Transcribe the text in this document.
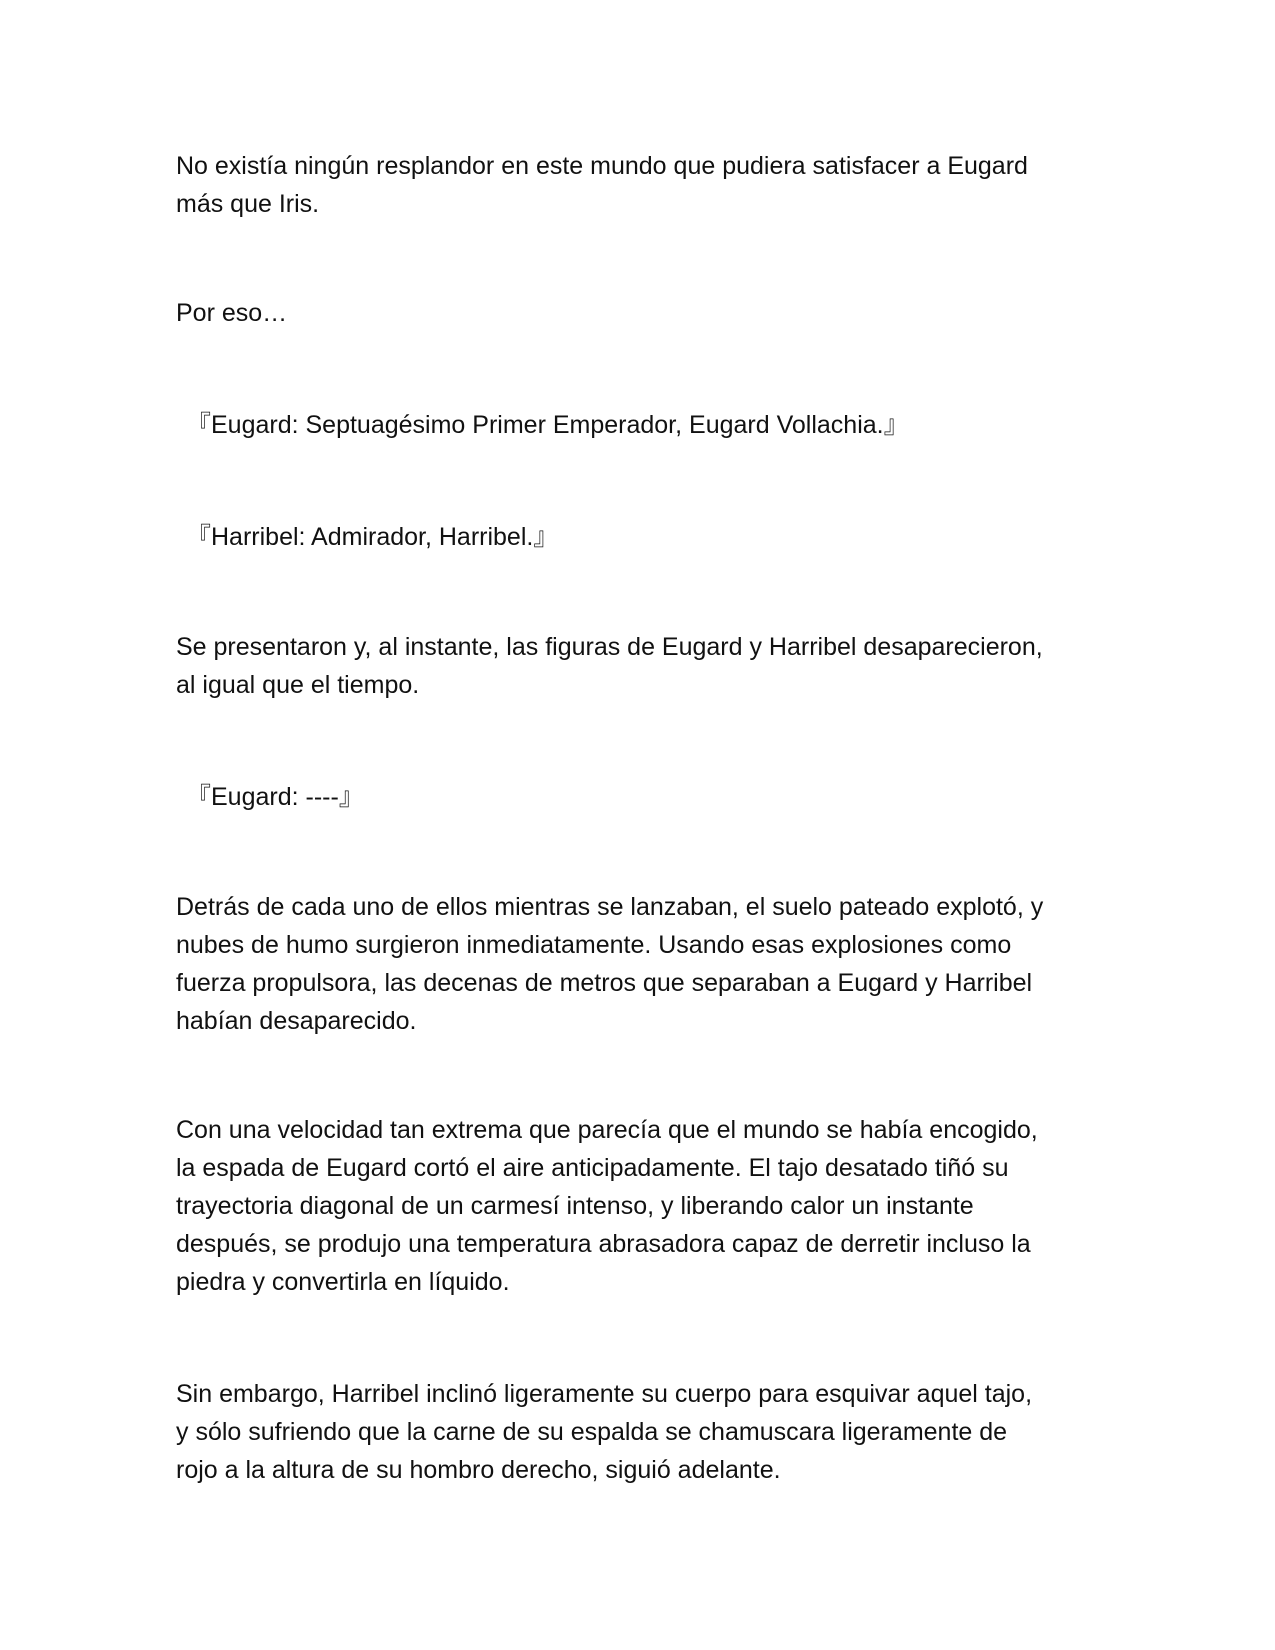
No existía ningún resplandor en este mundo que pudiera satisfacer a Eugard
más que Iris.

Por eso…

『Eugard: Septuagésimo Primer Emperador, Eugard Vollachia.』

『Harribel: Admirador, Harribel.』

Se presentaron y, al instante, las figuras de Eugard y Harribel desaparecieron,
al igual que el tiempo.

『Eugard: ----』

Detrás de cada uno de ellos mientras se lanzaban, el suelo pateado explotó, y
nubes de humo surgieron inmediatamente. Usando esas explosiones como
fuerza propulsora, las decenas de metros que separaban a Eugard y Harribel
habían desaparecido.

Con una velocidad tan extrema que parecía que el mundo se había encogido,
la espada de Eugard cortó el aire anticipadamente. El tajo desatado tiñó su
trayectoria diagonal de un carmesí intenso, y liberando calor un instante
después, se produjo una temperatura abrasadora capaz de derretir incluso la
piedra y convertirla en líquido.

Sin embargo, Harribel inclinó ligeramente su cuerpo para esquivar aquel tajo,
y sólo sufriendo que la carne de su espalda se chamuscara ligeramente de
rojo a la altura de su hombro derecho, siguió adelante.
